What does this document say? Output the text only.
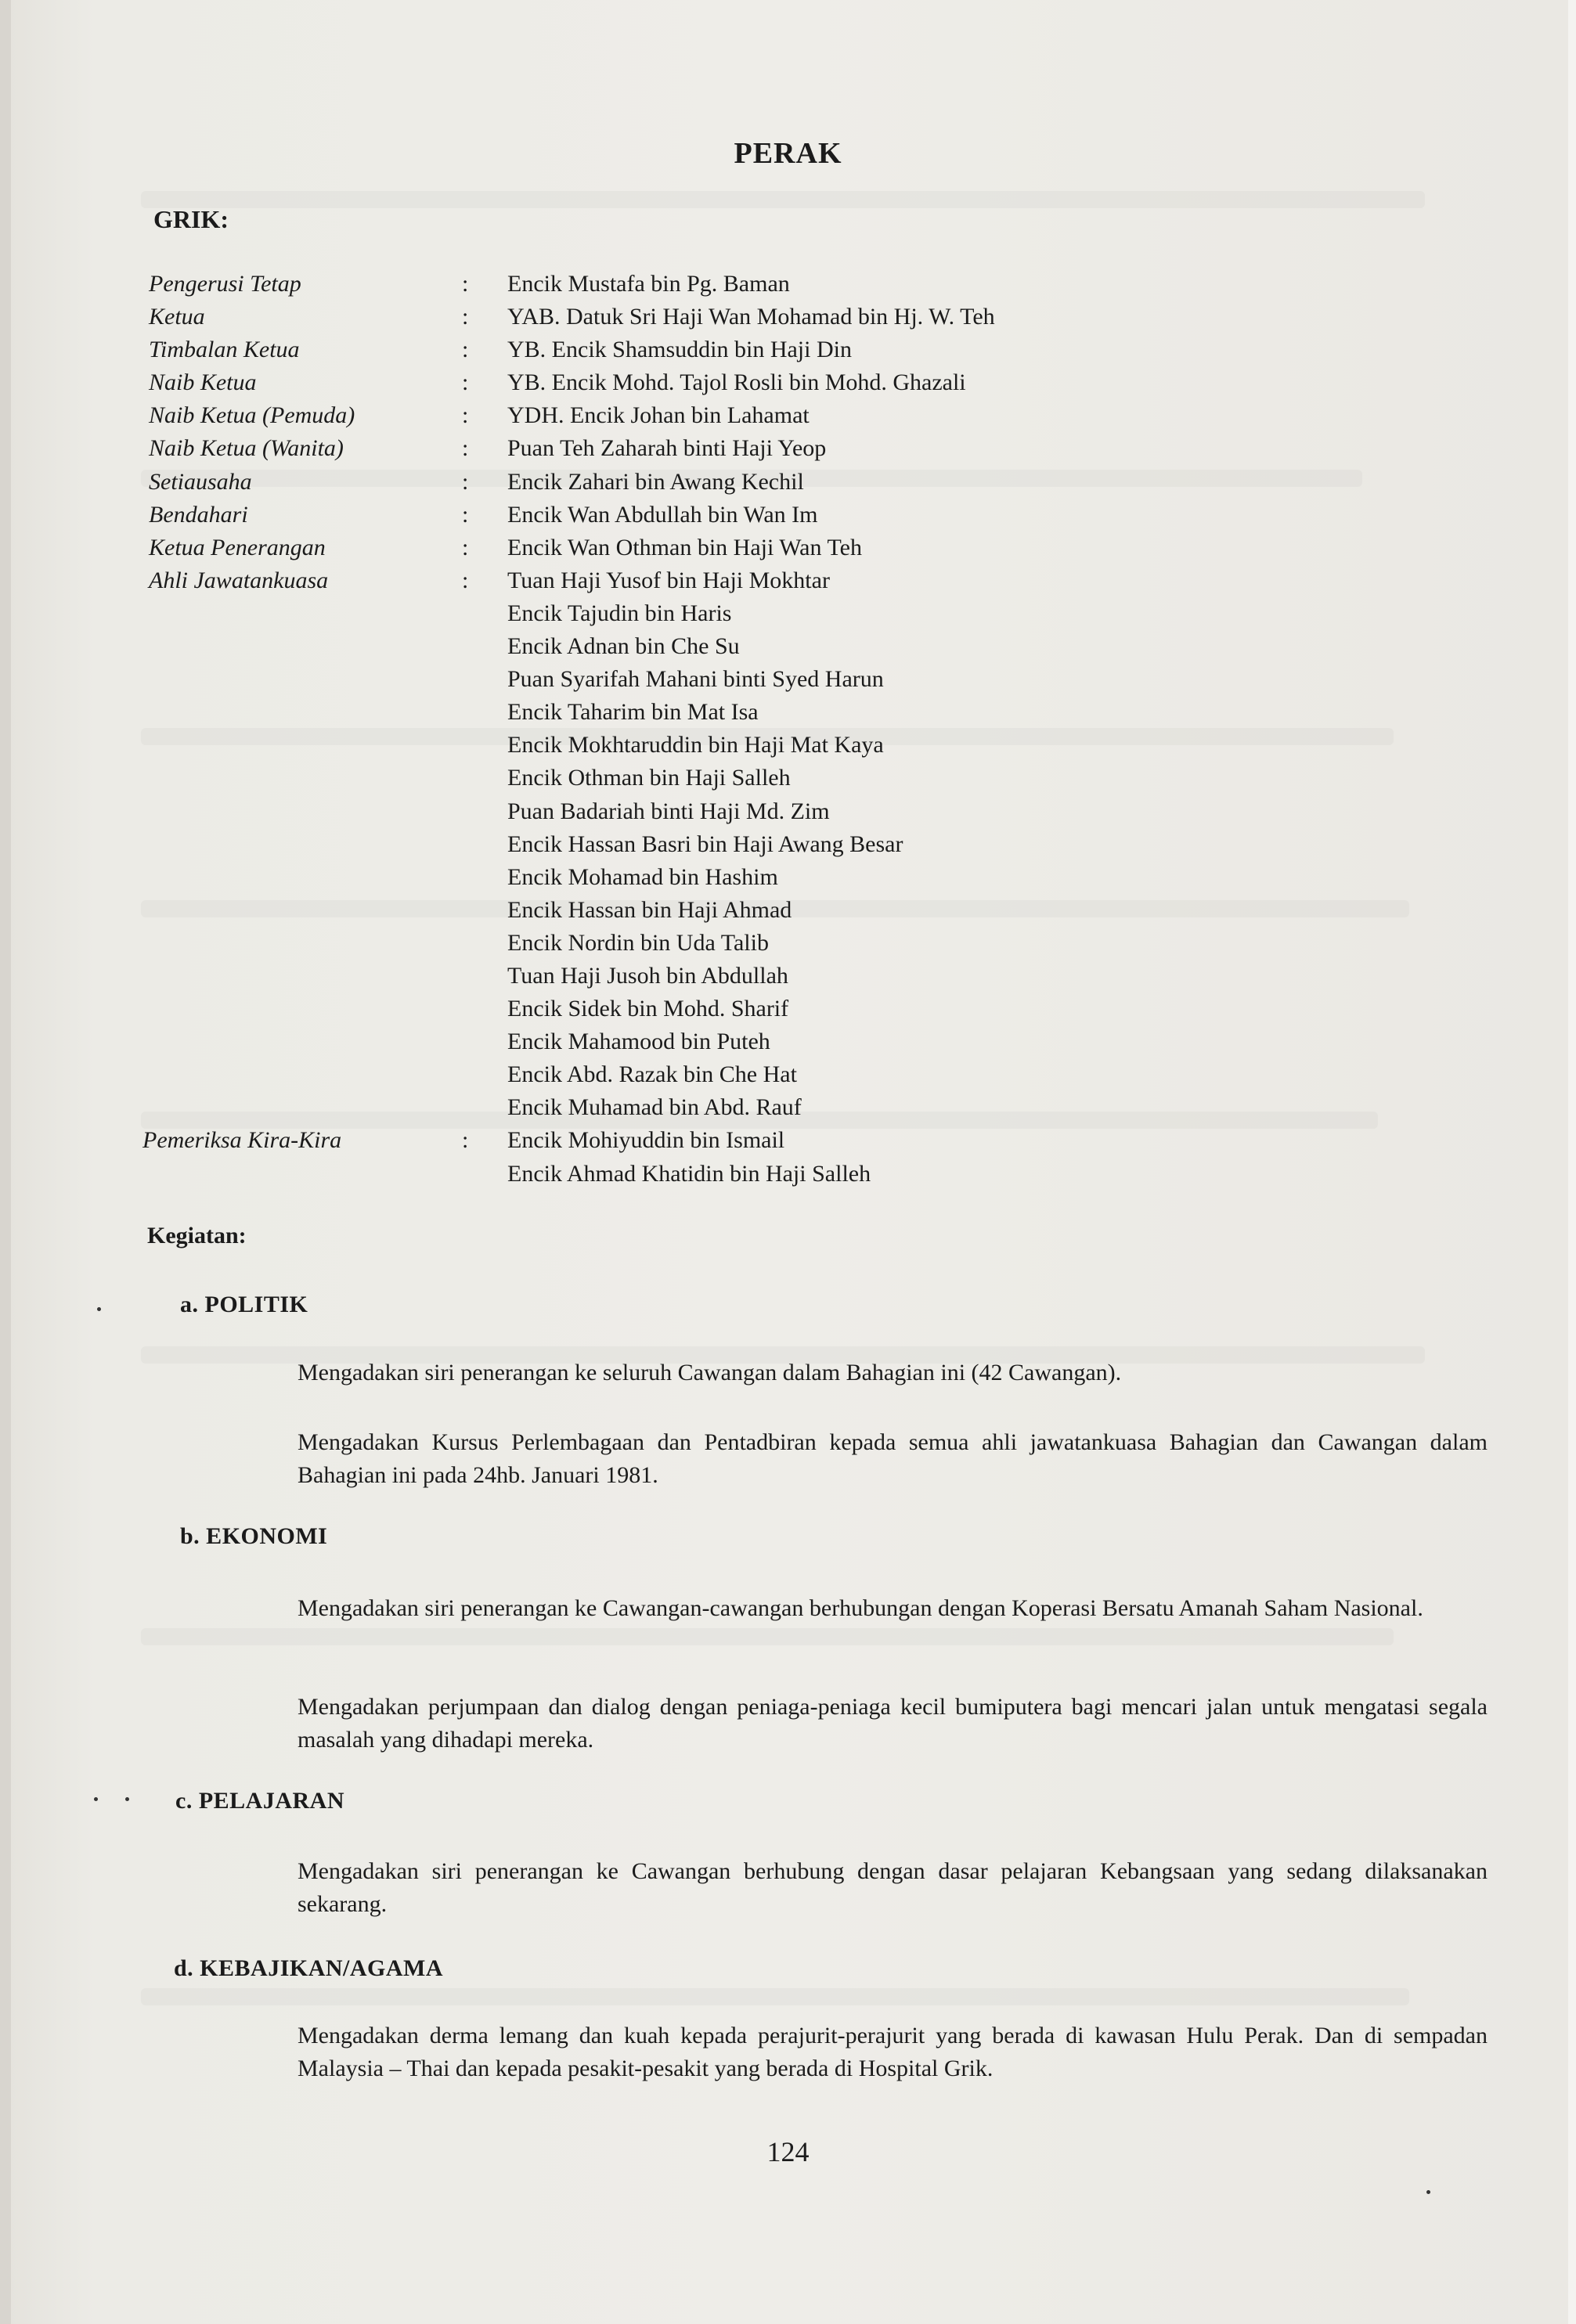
PERAK
GRIK:
Pengerusi Tetap	: Encik Mustafa bin Pg. Baman
Ketua	: YAB. Datuk Sri Haji Wan Mohamad bin Hj. W. Teh
Timbalan Ketua	: YB. Encik Shamsuddin bin Haji Din
Naib Ketua	: YB. Encik Mohd. Tajol Rosli bin Mohd. Ghazali
Naib Ketua (Pemuda)	: YDH. Encik Johan bin Lahamat
Naib Ketua (Wanita)	: Puan Teh Zaharah binti Haji Yeop
Setiausaha	: Encik Zahari bin Awang Kechil
Bendahari	: Encik Wan Abdullah bin Wan Im
Ketua Penerangan	: Encik Wan Othman bin Haji Wan Teh
Ahli Jawatankuasa	: Tuan Haji Yusof bin Haji Mokhtar
Encik Tajudin bin Haris
Encik Adnan bin Che Su
Puan Syarifah Mahani binti Syed Harun
Encik Taharim bin Mat Isa
Encik Mokhtaruddin bin Haji Mat Kaya
Encik Othman bin Haji Salleh
Puan Badariah binti Haji Md. Zim
Encik Hassan Basri bin Haji Awang Besar
Encik Mohamad bin Hashim
Encik Hassan bin Haji Ahmad
Encik Nordin bin Uda Talib
Tuan Haji Jusoh bin Abdullah
Encik Sidek bin Mohd. Sharif
Encik Mahamood bin Puteh
Encik Abd. Razak bin Che Hat
Encik Muhamad bin Abd. Rauf
Pemeriksa Kira-Kira	: Encik Mohiyuddin bin Ismail
Encik Ahmad Khatidin bin Haji Salleh
Kegiatan:
a. POLITIK
Mengadakan siri penerangan ke seluruh Cawangan dalam Bahagian ini (42 Cawangan).
Mengadakan Kursus Perlembagaan dan Pentadbiran kepada semua ahli jawatankuasa Bahagian dan Cawangan dalam Bahagian ini pada 24hb. Januari 1981.
b. EKONOMI
Mengadakan siri penerangan ke Cawangan-cawangan berhubungan dengan Koperasi Bersatu Amanah Saham Nasional.
Mengadakan perjumpaan dan dialog dengan peniaga-peniaga kecil bumiputera bagi mencari jalan untuk mengatasi segala masalah yang dihadapi mereka.
c. PELAJARAN
Mengadakan siri penerangan ke Cawangan berhubung dengan dasar pelajaran Kebangsaan yang sedang dilaksanakan sekarang.
d. KEBAJIKAN/AGAMA
Mengadakan derma lemang dan kuah kepada perajurit-perajurit yang berada di kawasan Hulu Perak. Dan di sempadan Malaysia – Thai dan kepada pesakit-pesakit yang berada di Hospital Grik.
124
